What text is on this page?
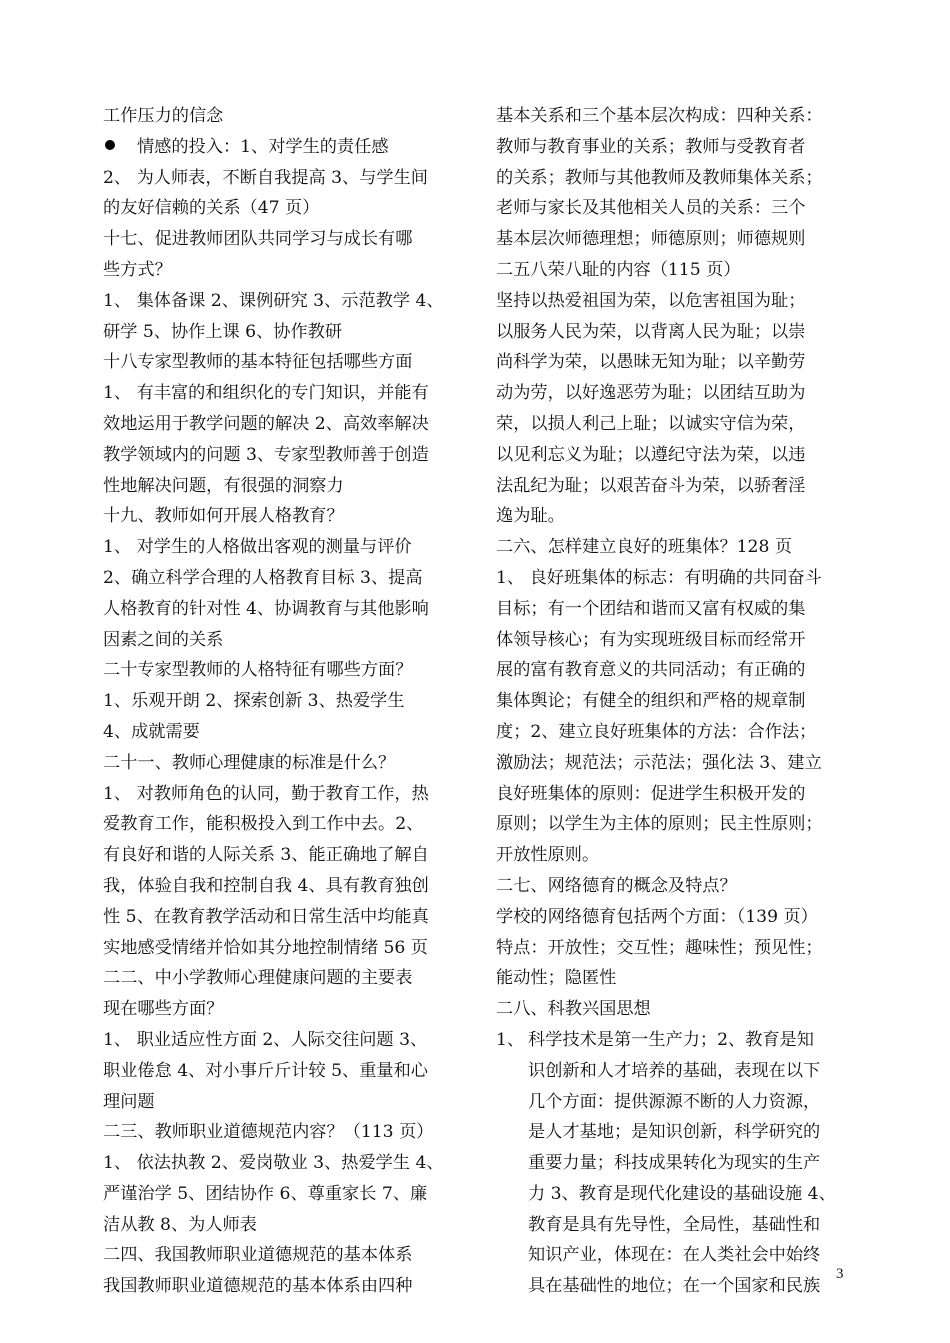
工作压力的信念
情感的投入：1、对学生的责任感
2、 为人师表，不断自我提高 3、与学生间
的友好信赖的关系（47 页）
十七、促进教师团队共同学习与成长有哪
些方式？
1、 集体备课 2、课例研究 3、示范教学 4、
研学 5、协作上课 6、协作教研
十八专家型教师的基本特征包括哪些方面
1、 有丰富的和组织化的专门知识，并能有
效地运用于教学问题的解决 2、高效率解决
教学领域内的问题 3、专家型教师善于创造
性地解决问题，有很强的洞察力
十九、教师如何开展人格教育？
1、 对学生的人格做出客观的测量与评价
2、确立科学合理的人格教育目标 3、提高
人格教育的针对性 4、协调教育与其他影响
因素之间的关系
二十专家型教师的人格特征有哪些方面？
1、乐观开朗 2、探索创新 3、热爱学生
4、成就需要
二十一、教师心理健康的标准是什么？
1、 对教师角色的认同，勤于教育工作，热
爱教育工作，能积极投入到工作中去。2、
有良好和谐的人际关系 3、能正确地了解自
我，体验自我和控制自我 4、具有教育独创
性 5、在教育教学活动和日常生活中均能真
实地感受情绪并恰如其分地控制情绪 56 页
二二、中小学教师心理健康问题的主要表
现在哪些方面？
1、 职业适应性方面 2、人际交往问题 3、
职业倦怠 4、对小事斤斤计较 5、重量和心
理问题
二三、教师职业道德规范内容？（113 页）
1、 依法执教 2、爱岗敬业 3、热爱学生 4、
严谨治学 5、团结协作 6、尊重家长 7、廉
洁从教 8、为人师表
二四、我国教师职业道德规范的基本体系
我国教师职业道德规范的基本体系由四种
基本关系和三个基本层次构成：四种关系：
教师与教育事业的关系；教师与受教育者
的关系；教师与其他教师及教师集体关系；
老师与家长及其他相关人员的关系：三个
基本层次师德理想；师德原则；师德规则
二五八荣八耻的内容（115 页）
坚持以热爱祖国为荣，以危害祖国为耻；
以服务人民为荣，以背离人民为耻；以崇
尚科学为荣，以愚昧无知为耻；以辛勤劳
动为劳，以好逸恶劳为耻；以团结互助为
荣，以损人利己上耻；以诚实守信为荣，
以见利忘义为耻；以遵纪守法为荣，以违
法乱纪为耻；以艰苦奋斗为荣，以骄奢淫
逸为耻。
二六、怎样建立良好的班集体？128 页
1、 良好班集体的标志：有明确的共同奋斗
目标；有一个团结和谐而又富有权威的集
体领导核心；有为实现班级目标而经常开
展的富有教育意义的共同活动；有正确的
集体舆论；有健全的组织和严格的规章制
度；2、建立良好班集体的方法：合作法；
激励法；规范法；示范法；强化法 3、建立
良好班集体的原则：促进学生积极开发的
原则；以学生为主体的原则；民主性原则；
开放性原则。
二七、网络德育的概念及特点？
学校的网络德育包括两个方面：（139 页）
特点：开放性；交互性；趣味性；预见性；
能动性；隐匿性
二八、科教兴国思想
1、 科学技术是第一生产力；2、教育是知
识创新和人才培养的基础，表现在以下
几个方面：提供源源不断的人力资源，
是人才基地；是知识创新，科学研究的
重要力量；科技成果转化为现实的生产
力 3、教育是现代化建设的基础设施 4、
教育是具有先导性，全局性，基础性和
知识产业，体现在：在人类社会中始终
具在基础性的地位；在一个国家和民族
3
